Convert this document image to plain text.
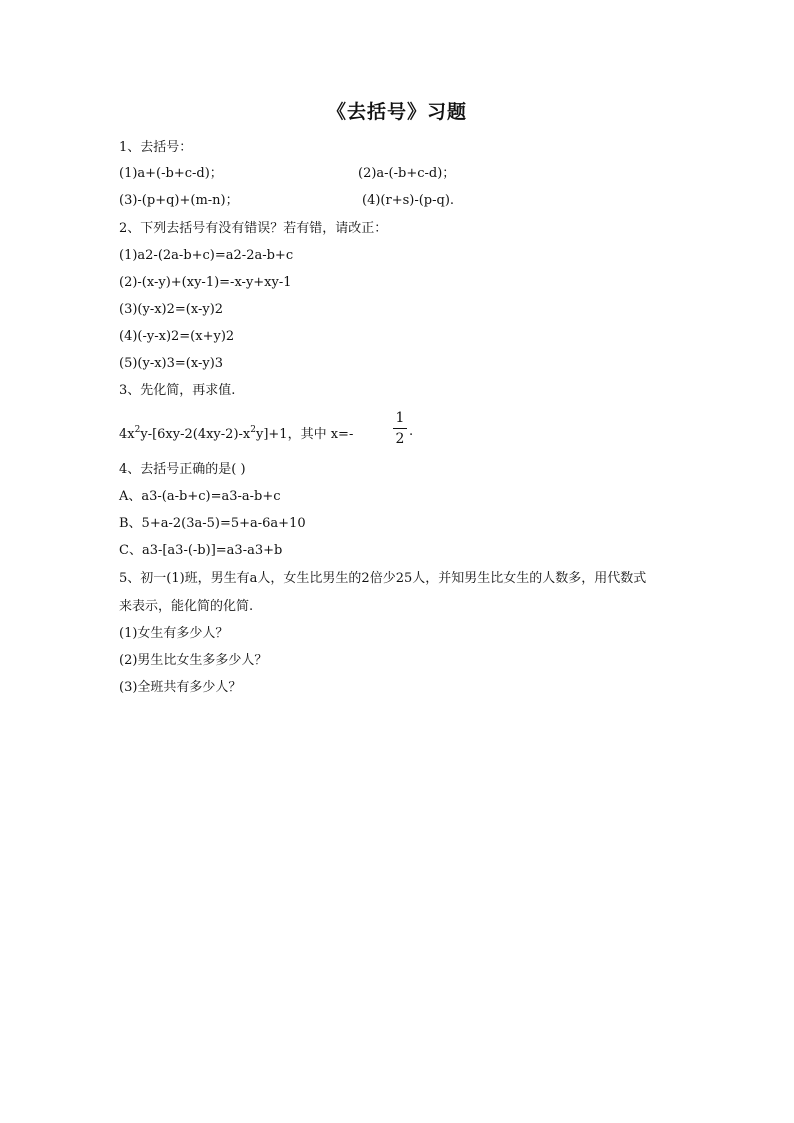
《去括号》习题
1、去括号：
(1)a+(-b+c-d)；	(2)a-(-b+c-d)；
(3)-(p+q)+(m-n)；	(4)(r+s)-(p-q).
2、下列去括号有没有错误？若有错，请改正：
(1)a2-(2a-b+c)=a2-2a-b+c
(2)-(x-y)+(xy-1)=-x-y+xy-1
(3)(y-x)2=(x-y)2
(4)(-y-x)2=(x+y)2
(5)(y-x)3=(x-y)3
3、先化简，再求值.
$4x^2y-[6xy-2(4xy-2)-x^2y]+1$，其中 x=-
1
2 .
4、去括号正确的是( )
A、a3-(a-b+c)=a3-a-b+c
B、5+a-2(3a-5)=5+a-6a+10
C、a3-[a3-(-b)]=a3-a3+b
5、初一(1)班，男生有a人，女生比男生的2倍少25人，并知男生比女生的人数多，用代数式
来表示，能化简的化简.
(1)女生有多少人？
(2)男生比女生多多少人？
(3)全班共有多少人？
